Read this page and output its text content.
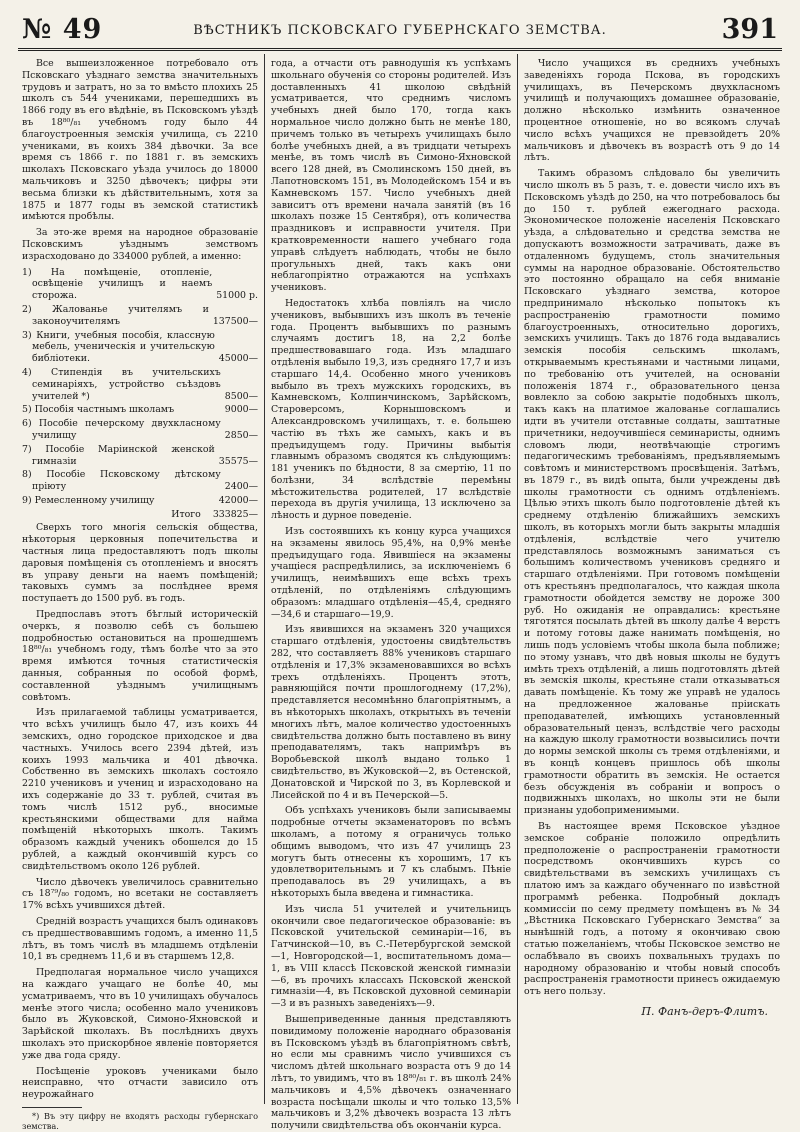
№ 49	ВѢСТНИКЪ ПСКОВСКАГО ГУБЕРНСКАГО ЗЕМСТВА.	391

Все вышеизложенное потребовало отъ Псковскаго уѣзднаго земства значительныхъ трудовъ и затратъ, но за то вмѣсто плохихъ 25 школъ съ 544 учениками, перешедшихъ въ 1866 году въ его вѣдѣніе, въ Псковскомъ уѣздѣ въ 18⁸⁰/₈₁ учебномъ году было 44 благоустроенныя земскія училища, съ 2210 учениками, въ коихъ 384 дѣвочки. За все время съ 1866 г. по 1881 г. въ земскихъ школахъ Псковскаго уѣзда училось до 18000 мальчиковъ и 3250 дѣвочекъ; цифры эти весьма близки къ дѣйствительнымъ, хотя за 1875 и 1877 годы въ земской статистикѣ имѣются пробѣлы.

За это-же время на народное образованіе Псковскимъ уѣзднымъ земствомъ израсходовано до 334000 рублей, а именно:

1) На помѣщеніе, отопленіе, освѣщеніе училищъ и наемъ сторожа.	51000 р.
2) Жалованье учителямъ и законоучителямъ	137500—
3) Книги, учебныя пособія, классную мебель, ученическія и учительскую библіотеки.	45000—
4) Стипендія въ учительскихъ семинаріяхъ, устройство съѣздовъ учителей *)	8500—
5) Пособія частнымъ школамъ	9000—
6) Пособіе печерскому двухкласному училищу	2850—
7) Пособіе Маріинской женской гимназіи	35575—
8) Пособіе Псковскому дѣтскому пріюту	2400—
9) Ремесленному училищу	42000—
Итого	333825—

Сверхъ того многія сельскія общества, нѣкоторыя церковныя попечительства и частныя лица предоставляютъ подъ школы даровыя помѣщенія съ отопленіемъ и вносятъ въ управу деньги на наемъ помѣщеній; таковыхъ суммъ за послѣднее время поступаетъ до 1500 руб. въ годъ.

Предпославъ этотъ бѣглый историческій очеркъ, я позволю себѣ съ большею подробностью остановиться на прошедшемъ 18⁸⁰/₈₁ учебномъ году, тѣмъ болѣе что за это время имѣются точныя статистическія данныя, собранныя по особой формѣ, составленной уѣзднымъ училищнымъ совѣтомъ.

Изъ прилагаемой таблицы усматривается, что всѣхъ училищъ было 47, изъ коихъ 44 земскихъ, одно городское приходское и два частныхъ. Училось всего 2394 дѣтей, изъ коихъ 1993 мальчика и 401 дѣвочка. Собственно въ земскихъ школахъ состояло 2210 учениковъ и учениц и израсходовано на ихъ содержаніе до 33 т. рублей, считая въ томъ числѣ 1512 руб., вносимые крестьянскими обществами для найма помѣщеній нѣкоторыхъ школъ. Такимъ образомъ каждый ученикъ обошелся до 15 рублей, а каждый окончившій курсъ со свидѣтельствомъ около 126 рублей.

Число дѣвочекъ увеличилось сравнительно съ 18⁷⁹/₈₀ годомъ, но всетаки не составляетъ 17% всѣхъ учившихся дѣтей.

Средній возрастъ учащихся былъ одинаковъ съ предшествовавшимъ годомъ, а именно 11,5 лѣтъ, въ томъ числѣ въ младшемъ отдѣленіи 10,1 въ среднемъ 11,6 и въ старшемъ 12,8.

Предполагая нормальное число учащихся на каждаго учащаго не болѣе 40, мы усматриваемъ, что въ 10 училищахъ обучалось менѣе этого числа; особенно мало учениковъ было въ Жуковской, Симоно-Яхновской и Зарѣйской школахъ. Въ послѣднихъ двухъ школахъ это прискорбное явленіе повторяется уже два года сряду.

Посѣщеніе уроковъ учениками было неисправно, что отчасти зависило отъ неурожайнаго

*) Въ эту цифру не входятъ расходы губернскаго земства.

года, а отчасти отъ равнодушія къ успѣхамъ школьнаго обученія со стороны родителей. Изъ доставленныхъ 41 школою свѣдѣній усматривается, что среднимъ числомъ учебныхъ дней было 170, тогда какъ нормальное число должно быть не менѣе 180, причемъ только въ четырехъ училищахъ было болѣе учебныхъ дней, а въ тридцати четырехъ менѣе, въ томъ числѣ въ Симоно-Яхновской всего 128 дней, въ Смолинскомъ 150 дней, въ Лапотновскомъ 151, въ Молодейскомъ 154 и въ Камневскомъ 157. Число учебныхъ дней зависитъ отъ времени начала занятій (въ 16 школахъ позже 15 Сентября), отъ количества праздниковъ и исправности учителя. При кратковременности нашего учебнаго года управѣ слѣдуетъ наблюдать, чтобы не было прогульныхъ дней, такъ какъ они неблагопріятно отражаются на успѣхахъ учениковъ.

Недостатокъ хлѣба повліялъ на число учениковъ, выбывшихъ изъ школъ въ теченіе года. Процентъ выбывшихъ по разнымъ случаямъ достигъ 18, на 2,2 болѣе предшествовавшаго года. Изъ младшаго отдѣленія выбыло 19,3, изъ средняго 17,7 и изъ старшаго 14,4. Особенно много учениковъ выбыло въ трехъ мужскихъ городскихъ, въ Камневскомъ, Колпинчинскомъ, Зарѣйскомъ, Староверсомъ, Корнышовскомъ и Александровскомъ училищахъ, т. е. большею частію въ тѣхъ же самыхъ, какъ и въ предъидущемъ году. Причины выбытія главнымъ образомъ сводятся къ слѣдующимъ: 181 ученикъ по бѣдности, 8 за смертію, 11 по болѣзни, 34 вслѣдствіе перемѣны мѣстожительства родителей, 17 вслѣдствіе перехода въ другія училища, 13 исключено за лѣность и дурное поведеніе.

Изъ состоявшихъ къ концу курса учащихся на экзамены явилось 95,4%, на 0,9% менѣе предъидущаго года. Явившіеся на экзамены учащіеся распредѣлились, за исключеніемъ 6 училищъ, неимѣвшихъ еще всѣхъ трехъ отдѣленій, по отдѣленіямъ слѣдующимъ образомъ: младшаго отдѣленія—45,4, средняго—34,6 и старшаго—19,9.

Изъ явившихся на экзаменъ 320 учащихся старшаго отдѣленія, удостоены свидѣтельствъ 282, что составляетъ 88% учениковъ старшаго отдѣленія и 17,3% экзаменовавшихся во всѣхъ трехъ отдѣленіяхъ. Процентъ этотъ, равняющійся почти прошлогоднему (17,2%), представляется несомнѣнно благопріятнымъ, а въ нѣкоторыхъ школахъ, открытыхъ въ теченіи многихъ лѣтъ, малое количество удостоенныхъ свидѣтельства должно быть поставлено въ вину преподавателямъ, такъ напримѣръ въ Воробьевской школѣ выдано только 1 свидѣтельство, въ Жуковской—2, въ Остенской, Донатовской и Чирской по 3, въ Корлевской и Лисейской по 4 и въ Печерской—5.

Объ успѣхахъ учениковъ были записываемы подробные отчеты экзаменаторовъ по всѣмъ школамъ, а потому я ограничусь только общимъ выводомъ, что изъ 47 училищъ 23 могутъ быть отнесены къ хорошимъ, 17 къ удовлетворительнымъ и 7 къ слабымъ. Пѣніе преподавалось въ 29 училищахъ, а въ нѣкоторыхъ была введена и гимнастика.

Изъ числа 51 учителей и учительницъ окончили свое педагогическое образованіе: въ Псковской учительской семинаріи—16, въ Гатчинской—10, въ С.-Петербургской земской—1, Новгородской—1, воспитательномъ дома—1, въ VIII классѣ Псковской женской гимназіи—6, въ прочихъ классахъ Псковской женской гимназіи—4, въ Псковской духовной семинаріи—3 и въ разныхъ заведеніяхъ—9.

Вышеприведенные данныя представляютъ повидимому положеніе народнаго образованія въ Псковскомъ уѣздѣ въ благопріятномъ свѣтѣ, но если мы сравнимъ число учившихся съ числомъ дѣтей школьнаго возраста отъ 9 до 14 лѣтъ, то увидимъ, что въ 18⁸⁰/₈₁ г. въ школѣ 24% мальчиковъ и 4,5% дѣвочекъ означеннаго возраста посѣщали школы и что только 13,5% мальчиковъ и 3,2% дѣвочекъ возраста 13 лѣтъ получили свидѣтельства объ окончаніи курса.

Число учащихся въ среднихъ учебныхъ заведеніяхъ города Пскова, въ городскихъ училищахъ, въ Печерскомъ двухкласномъ училищѣ и получающихъ домашнее образованіе, должно нѣсколько измѣнить означенное процентное отношеніе, но во всякомъ случаѣ число всѣхъ учащихся не превзойдетъ 20% мальчиковъ и дѣвочекъ въ возрастѣ отъ 9 до 14 лѣтъ.

Такимъ образомъ слѣдовало бы увеличить число школъ въ 5 разъ, т. е. довести число ихъ въ Псковскомъ уѣздѣ до 250, на что потребовалось бы до 150 т. рублей ежегоднаго расхода. Экономическое положеніе населенія Псковскаго уѣзда, а слѣдовательно и средства земства не допускаютъ возможности затрачивать, даже въ отдаленномъ будущемъ, столь значительныя суммы на народное образованіе. Обстоятельство это постоянно обращало на себя вниманіе Псковскаго уѣзднаго земства, которое предпринимало нѣсколько попытокъ къ распространенію грамотности помимо благоустроенныхъ, относительно дорогихъ, земскихъ училищъ. Такъ до 1876 года выдавались земскія пособія сельскимъ школамъ, открываемымъ крестьянами и частными лицами, по требованію отъ учителей, на основаніи положенія 1874 г., образовательного ценза вовлекло за собою закрытіе подобныхъ школъ, такъ какъ на платимое жалованье соглашались идти въ учители отставные солдаты, заштатные причетники, недоучившіеся семинаристы, однимъ словомъ люди, неотвѣчающіе строгимъ педагогическимъ требованіямъ, предъявляемымъ совѣтомъ и министерствомъ просвѣщенія. Затѣмъ, въ 1879 г., въ видѣ опыта, были учреждены двѣ школы грамотности съ однимъ отдѣленіемъ. Цѣлью этихъ школъ было подготовленіе дѣтей къ среднему отдѣленію ближайшихъ земскихъ школъ, въ которыхъ могли быть закрыты младшія отдѣленія, вслѣдствіе чего учителю представлялось возможнымъ заниматься съ большимъ количествомъ учениковъ средняго и старшаго отдѣленіями. При готовомъ помѣщеніи отъ крестьянъ предполагалось, что каждая школа грамотности обойдется земству не дороже 300 руб. Но ожиданія не оправдались: крестьяне тяготятся посылать дѣтей въ школу далѣе 4 верстъ и потому готовы даже нанимать помѣщенія, но лишь подъ условіемъ чтобы школа была поближе; по этому узнавъ, что двѣ новыя школы не будутъ имѣть трехъ отдѣленій, а лишь подготовлять дѣтей въ земскія школы, крестьяне стали отказываться давать помѣщеніе. Къ тому же управѣ не удалось на предложенное жалованье пріискать преподавателей, имѣющихъ установленный образовательный цензъ, вслѣдствіе чего расходы на каждую школу грамотности возвысились почти до нормы земской школы съ тремя отдѣленіями, и въ концѣ концевъ пришлось обѣ школы грамотности обратить въ земскія. Не остается безъ обсужденія въ собраніи и вопросъ о подвижныхъ школахъ, но школы эти не были признаны удобоприменимыми.

Въ настоящее время Псковское уѣздное земское собраніе положило опредѣлить предположеніе о распространеніи грамотности посредствомъ окончившихъ курсъ со свидѣтельствами въ земскихъ училищахъ съ платою имъ за каждаго обученнаго по извѣстной программѣ ребенка. Подробный докладъ коммиссіи по сему предмету помѣщенъ въ № 34 „Вѣстника Псковскаго Губернскаго Земства“ за нынѣшній годъ, а потому я окончиваю свою статью пожеланіемъ, чтобы Псковское земство не ослабѣвало въ своихъ похвальныхъ трудахъ по народному образованію и чтобы новый способъ распространенія грамотности принесъ ожидаемую отъ него пользу.

П. Фанъ-деръ-Флитъ.
